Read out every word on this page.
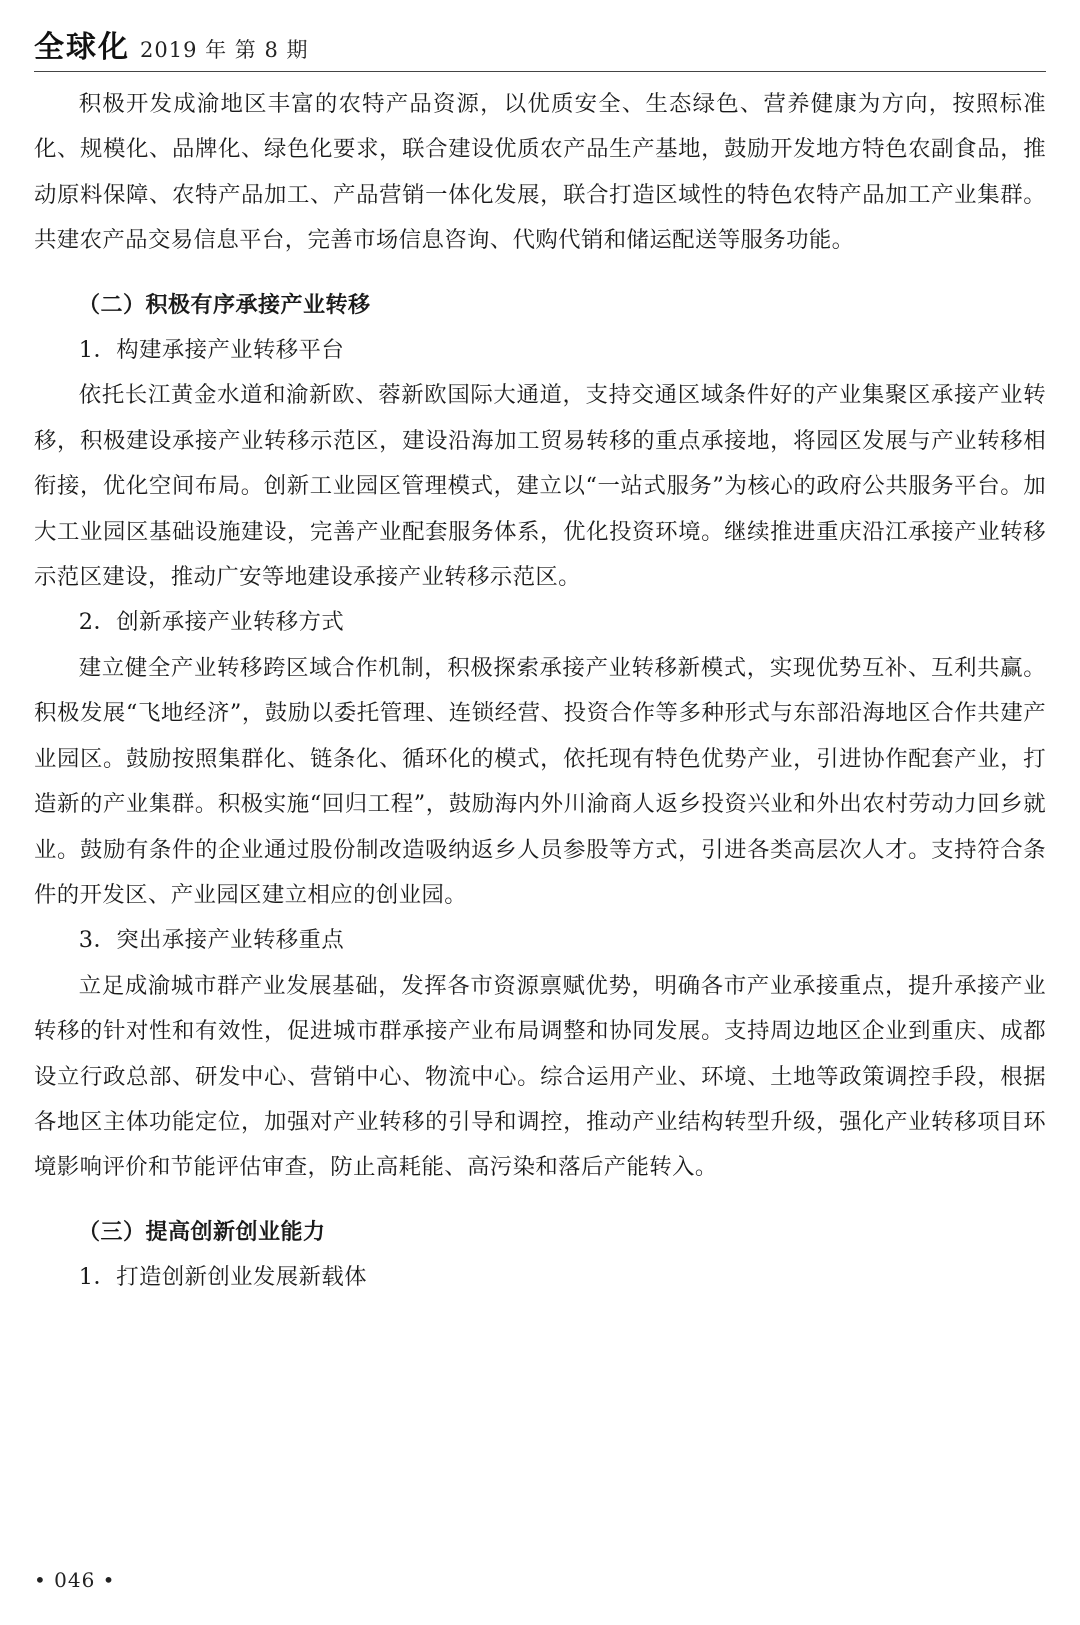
全球化 2019 年 第 8 期

积极开发成渝地区丰富的农特产品资源，以优质安全、生态绿色、营养健康为方向，按照标准化、规模化、品牌化、绿色化要求，联合建设优质农产品生产基地，鼓励开发地方特色农副食品，推动原料保障、农特产品加工、产品营销一体化发展，联合打造区域性的特色农特产品加工产业集群。共建农产品交易信息平台，完善市场信息咨询、代购代销和储运配送等服务功能。

（二）积极有序承接产业转移

1．构建承接产业转移平台

依托长江黄金水道和渝新欧、蓉新欧国际大通道，支持交通区域条件好的产业集聚区承接产业转移，积极建设承接产业转移示范区，建设沿海加工贸易转移的重点承接地，将园区发展与产业转移相衔接，优化空间布局。创新工业园区管理模式，建立以“一站式服务”为核心的政府公共服务平台。加大工业园区基础设施建设，完善产业配套服务体系，优化投资环境。继续推进重庆沿江承接产业转移示范区建设，推动广安等地建设承接产业转移示范区。

2．创新承接产业转移方式

建立健全产业转移跨区域合作机制，积极探索承接产业转移新模式，实现优势互补、互利共赢。积极发展“飞地经济”，鼓励以委托管理、连锁经营、投资合作等多种形式与东部沿海地区合作共建产业园区。鼓励按照集群化、链条化、循环化的模式，依托现有特色优势产业，引进协作配套产业，打造新的产业集群。积极实施“回归工程”，鼓励海内外川渝商人返乡投资兴业和外出农村劳动力回乡就业。鼓励有条件的企业通过股份制改造吸纳返乡人员参股等方式，引进各类高层次人才。支持符合条件的开发区、产业园区建立相应的创业园。

3．突出承接产业转移重点

立足成渝城市群产业发展基础，发挥各市资源禀赋优势，明确各市产业承接重点，提升承接产业转移的针对性和有效性，促进城市群承接产业布局调整和协同发展。支持周边地区企业到重庆、成都设立行政总部、研发中心、营销中心、物流中心。综合运用产业、环境、土地等政策调控手段，根据各地区主体功能定位，加强对产业转移的引导和调控，推动产业结构转型升级，强化产业转移项目环境影响评价和节能评估审查，防止高耗能、高污染和落后产能转入。

（三）提高创新创业能力

1．打造创新创业发展新载体

• 046 •
